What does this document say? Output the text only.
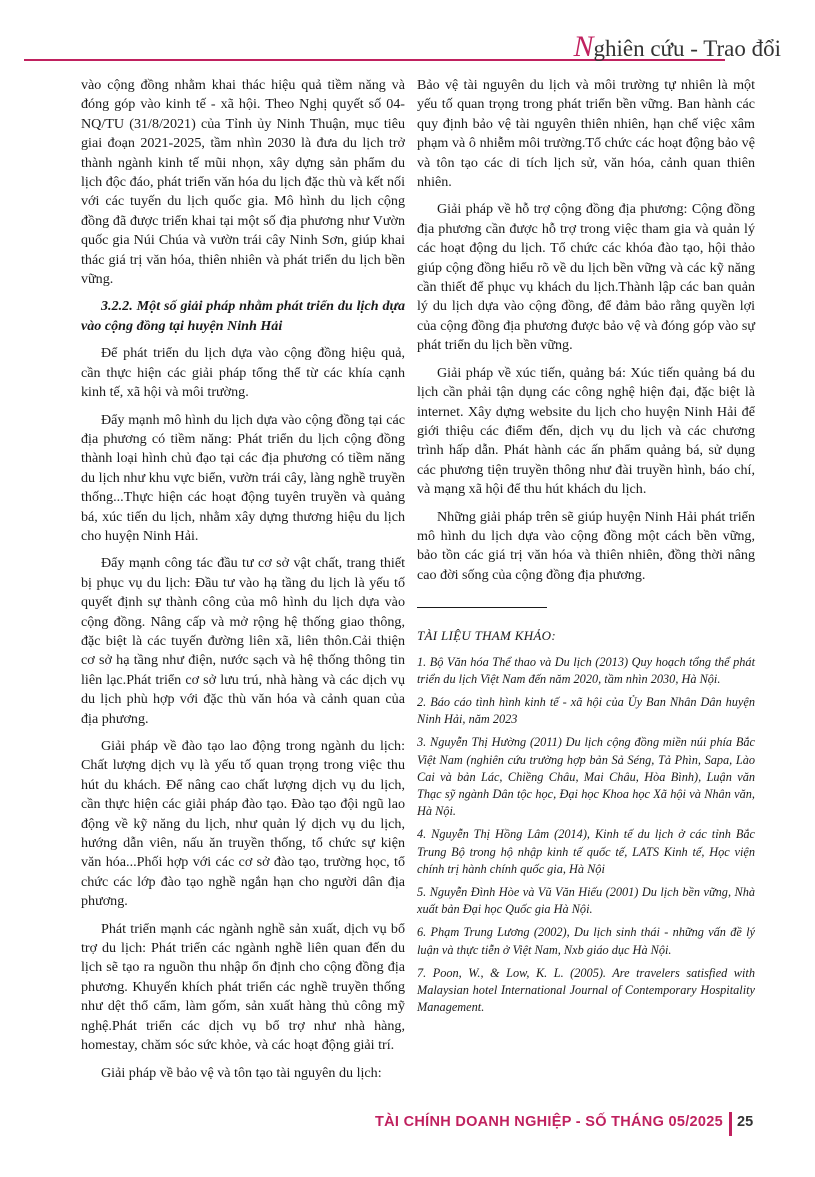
Nghiên cứu - Trao đổi

vào cộng đồng nhằm khai thác hiệu quả tiềm năng và đóng góp vào kinh tế - xã hội. Theo Nghị quyết số 04-NQ/TU (31/8/2021) của Tỉnh ủy Ninh Thuận, mục tiêu giai đoạn 2021-2025, tầm nhìn 2030 là đưa du lịch trở thành ngành kinh tế mũi nhọn, xây dựng sản phẩm du lịch độc đáo, phát triển văn hóa du lịch đặc thù và kết nối với các tuyến du lịch quốc gia. Mô hình du lịch cộng đồng đã được triển khai tại một số địa phương như Vườn quốc gia Núi Chúa và vườn trái cây Ninh Sơn, giúp khai thác giá trị văn hóa, thiên nhiên và phát triển du lịch bền vững.

3.2.2. Một số giải pháp nhằm phát triển du lịch dựa vào cộng đồng tại huyện Ninh Hải

Để phát triển du lịch dựa vào cộng đồng hiệu quả, cần thực hiện các giải pháp tổng thể từ các khía cạnh kinh tế, xã hội và môi trường.

Đẩy mạnh mô hình du lịch dựa vào cộng đồng tại các địa phương có tiềm năng: Phát triển du lịch cộng đồng thành loại hình chủ đạo tại các địa phương có tiềm năng du lịch như khu vực biển, vườn trái cây, làng nghề truyền thống...Thực hiện các hoạt động tuyên truyền và quảng bá, xúc tiến du lịch, nhằm xây dựng thương hiệu du lịch cho huyện Ninh Hải.

Đẩy mạnh công tác đầu tư cơ sở vật chất, trang thiết bị phục vụ du lịch: Đầu tư vào hạ tầng du lịch là yếu tố quyết định sự thành công của mô hình du lịch dựa vào cộng đồng. Nâng cấp và mở rộng hệ thống giao thông, đặc biệt là các tuyến đường liên xã, liên thôn.Cải thiện cơ sở hạ tầng như điện, nước sạch và hệ thống thông tin liên lạc.Phát triển cơ sở lưu trú, nhà hàng và các dịch vụ du lịch phù hợp với đặc thù văn hóa và cảnh quan của địa phương.

Giải pháp về đào tạo lao động trong ngành du lịch: Chất lượng dịch vụ là yếu tố quan trọng trong việc thu hút du khách. Để nâng cao chất lượng dịch vụ du lịch, cần thực hiện các giải pháp đào tạo. Đào tạo đội ngũ lao động về kỹ năng du lịch, như quản lý dịch vụ du lịch, hướng dẫn viên, nấu ăn truyền thống, tổ chức sự kiện văn hóa...Phối hợp với các cơ sở đào tạo, trường học, tổ chức các lớp đào tạo nghề ngắn hạn cho người dân địa phương.

Phát triển mạnh các ngành nghề sản xuất, dịch vụ bổ trợ du lịch: Phát triển các ngành nghề liên quan đến du lịch sẽ tạo ra nguồn thu nhập ổn định cho cộng đồng địa phương. Khuyến khích phát triển các nghề truyền thống như dệt thổ cẩm, làm gốm, sản xuất hàng thủ công mỹ nghệ.Phát triển các dịch vụ bổ trợ như nhà hàng, homestay, chăm sóc sức khỏe, và các hoạt động giải trí.

Giải pháp về bảo vệ và tôn tạo tài nguyên du lịch:

Bảo vệ tài nguyên du lịch và môi trường tự nhiên là một yếu tố quan trọng trong phát triển bền vững. Ban hành các quy định bảo vệ tài nguyên thiên nhiên, hạn chế việc xâm phạm và ô nhiễm môi trường.Tổ chức các hoạt động bảo vệ và tôn tạo các di tích lịch sử, văn hóa, cảnh quan thiên nhiên.

Giải pháp về hỗ trợ cộng đồng địa phương: Cộng đồng địa phương cần được hỗ trợ trong việc tham gia và quản lý các hoạt động du lịch. Tổ chức các khóa đào tạo, hội thảo giúp cộng đồng hiểu rõ về du lịch bền vững và các kỹ năng cần thiết để phục vụ khách du lịch.Thành lập các ban quản lý du lịch dựa vào cộng đồng, để đảm bảo rằng quyền lợi của cộng đồng địa phương được bảo vệ và đóng góp vào sự phát triển du lịch bền vững.

Giải pháp về xúc tiến, quảng bá: Xúc tiến quảng bá du lịch cần phải tận dụng các công nghệ hiện đại, đặc biệt là internet. Xây dựng website du lịch cho huyện Ninh Hải để giới thiệu các điểm đến, dịch vụ du lịch và các chương trình hấp dẫn. Phát hành các ấn phẩm quảng bá, sử dụng các phương tiện truyền thông như đài truyền hình, báo chí, và mạng xã hội để thu hút khách du lịch.

Những giải pháp trên sẽ giúp huyện Ninh Hải phát triển mô hình du lịch dựa vào cộng đồng một cách bền vững, bảo tồn các giá trị văn hóa và thiên nhiên, đồng thời nâng cao đời sống của cộng đồng địa phương.

TÀI LIỆU THAM KHẢO:
1. Bộ Văn hóa Thể thao và Du lịch (2013) Quy hoạch tổng thể phát triển du lịch Việt Nam đến năm 2020, tầm nhìn 2030, Hà Nội.
2. Báo cáo tình hình kinh tế - xã hội của Ủy Ban Nhân Dân huyện Ninh Hải, năm 2023
3. Nguyễn Thị Hường (2011) Du lịch cộng đồng miền núi phía Bắc Việt Nam (nghiên cứu trường hợp bản Sả Séng, Tả Phìn, Sapa, Lào Cai và bản Lác, Chiềng Châu, Mai Châu, Hòa Bình), Luận văn Thạc sỹ ngành Dân tộc học, Đại học Khoa học Xã hội và Nhân văn, Hà Nội.
4. Nguyễn Thị Hồng Lâm (2014), Kinh tế du lịch ở các tỉnh Bắc Trung Bộ trong hộ nhập kinh tế quốc tế, LATS Kinh tế, Học viện chính trị hành chính quốc gia, Hà Nội
5. Nguyễn Đình Hòe và Vũ Văn Hiếu (2001) Du lịch bền vững, Nhà xuất bản Đại học Quốc gia Hà Nội.
6. Phạm Trung Lương (2002), Du lịch sinh thái - những vấn đề lý luận và thực tiễn ở Việt Nam, Nxb giáo dục Hà Nội.
7. Poon, W., & Low, K. L. (2005). Are travelers satisfied with Malaysian hotel International Journal of Contemporary Hospitality Management.
TÀI CHÍNH DOANH NGHIỆP - SỐ THÁNG 05/2025 25
